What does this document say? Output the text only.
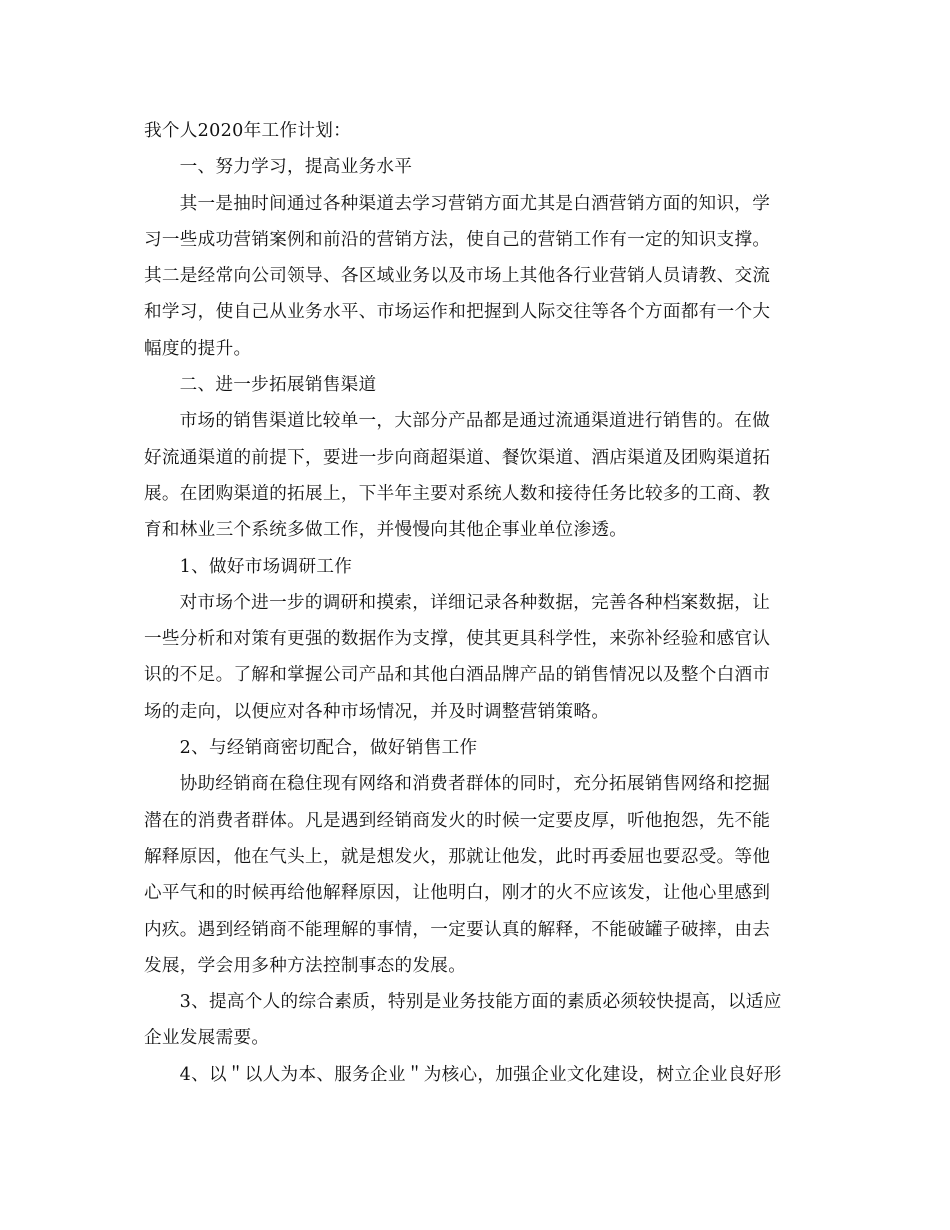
我个人2020年工作计划：
一、努力学习，提高业务水平
其一是抽时间通过各种渠道去学习营销方面尤其是白酒营销方面的知识，学
习一些成功营销案例和前沿的营销方法，使自己的营销工作有一定的知识支撑。
其二是经常向公司领导、各区域业务以及市场上其他各行业营销人员请教、交流
和学习，使自己从业务水平、市场运作和把握到人际交往等各个方面都有一个大
幅度的提升。
二、进一步拓展销售渠道
市场的销售渠道比较单一，大部分产品都是通过流通渠道进行销售的。在做
好流通渠道的前提下，要进一步向商超渠道、餐饮渠道、酒店渠道及团购渠道拓
展。在团购渠道的拓展上，下半年主要对系统人数和接待任务比较多的工商、教
育和林业三个系统多做工作，并慢慢向其他企事业单位渗透。
1、做好市场调研工作
对市场个进一步的调研和摸索，详细记录各种数据，完善各种档案数据，让
一些分析和对策有更强的数据作为支撑，使其更具科学性，来弥补经验和感官认
识的不足。了解和掌握公司产品和其他白酒品牌产品的销售情况以及整个白酒市
场的走向，以便应对各种市场情况，并及时调整营销策略。
2、与经销商密切配合，做好销售工作
协助经销商在稳住现有网络和消费者群体的同时，充分拓展销售网络和挖掘
潜在的消费者群体。凡是遇到经销商发火的时候一定要皮厚，听他抱怨，先不能
解释原因，他在气头上，就是想发火，那就让他发，此时再委屈也要忍受。等他
心平气和的时候再给他解释原因，让他明白，刚才的火不应该发，让他心里感到
内疚。遇到经销商不能理解的事情，一定要认真的解释，不能破罐子破摔，由去
发展，学会用多种方法控制事态的发展。
3、提高个人的综合素质，特别是业务技能方面的素质必须较快提高，以适应
企业发展需要。
4、以＂以人为本、服务企业＂为核心，加强企业文化建设，树立企业良好形
